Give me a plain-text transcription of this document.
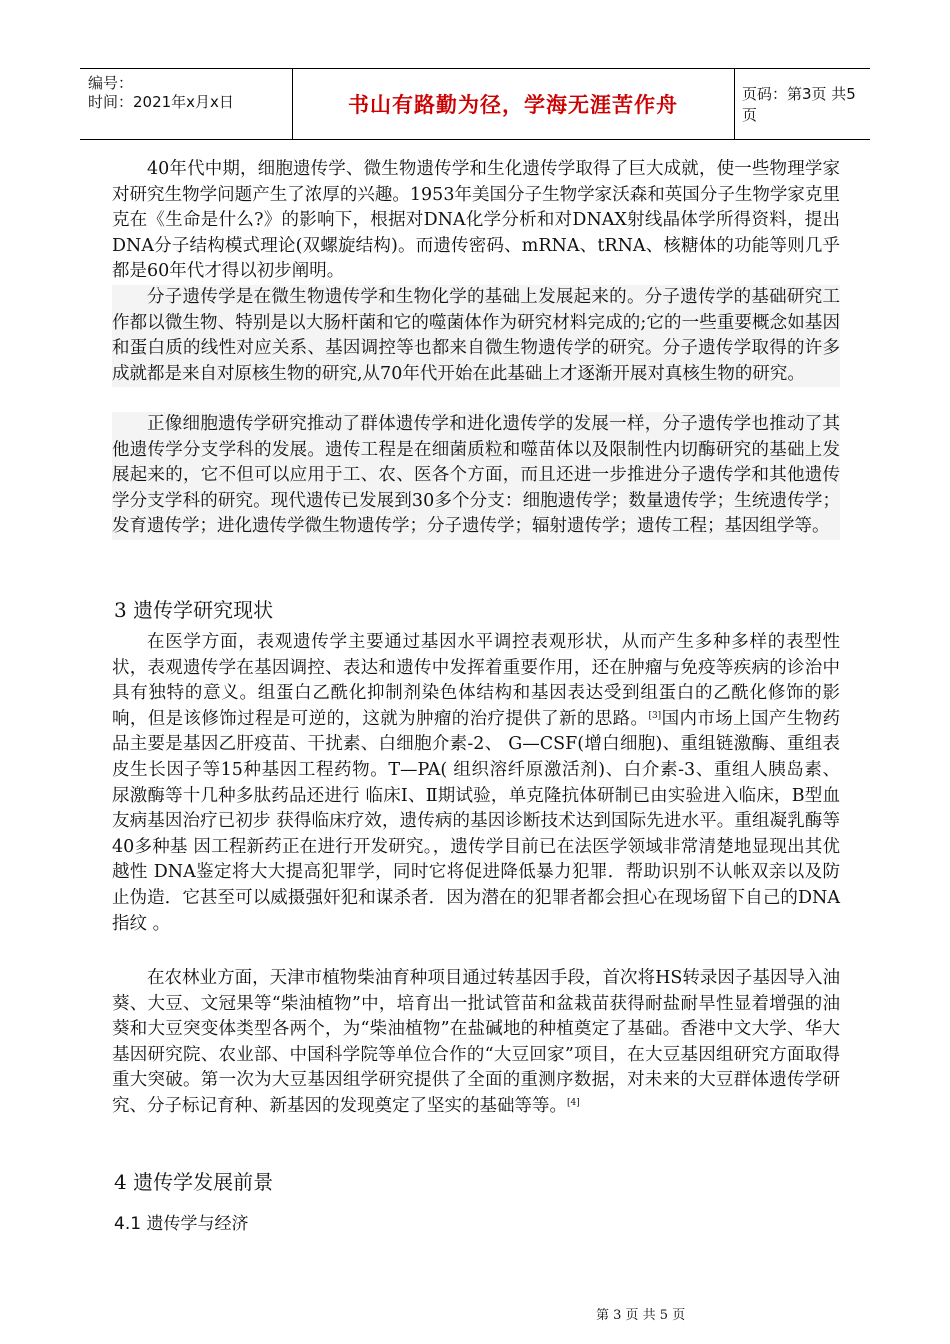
编号：
时间：2021年x月x日	书山有路勤为径，学海无涯苦作舟	页码：第3页 共5页

40年代中期，细胞遗传学、微生物遗传学和生化遗传学取得了巨大成就，使一些物理学家对研究生物学问题产生了浓厚的兴趣。1953年美国分子生物学家沃森和英国分子生物学家克里克在《生命是什么?》的影响下，根据对DNA化学分析和对DNAX射线晶体学所得资料，提出DNA分子结构模式理论(双螺旋结构)。而遗传密码、mRNA、tRNA、核糖体的功能等则几乎都是60年代才得以初步阐明。

分子遗传学是在微生物遗传学和生物化学的基础上发展起来的。分子遗传学的基础研究工作都以微生物、特别是以大肠杆菌和它的噬菌体作为研究材料完成的;它的一些重要概念如基因和蛋白质的线性对应关系、基因调控等也都来自微生物遗传学的研究。分子遗传学取得的许多成就都是来自对原核生物的研究,从70年代开始在此基础上才逐渐开展对真核生物的研究。

正像细胞遗传学研究推动了群体遗传学和进化遗传学的发展一样，分子遗传学也推动了其他遗传学分支学科的发展。遗传工程是在细菌质粒和噬苗体以及限制性内切酶研究的基础上发展起来的，它不但可以应用于工、农、医各个方面，而且还进一步推进分子遗传学和其他遗传学分支学科的研究。现代遗传已发展到30多个分支：细胞遗传学；数量遗传学；生统遗传学；发育遗传学；进化遗传学微生物遗传学；分子遗传学；辐射遗传学；遗传工程；基因组学等。

3 遗传学研究现状

在医学方面，表观遗传学主要通过基因水平调控表观形状，从而产生多种多样的表型性状，表观遗传学在基因调控、表达和遗传中发挥着重要作用，还在肿瘤与免疫等疾病的诊治中具有独特的意义。组蛋白乙酰化抑制剂染色体结构和基因表达受到组蛋白的乙酰化修饰的影响，但是该修饰过程是可逆的，这就为肿瘤的治疗提供了新的思路。[3]国内市场上国产生物药品主要是基因乙肝疫苗、干扰素、白细胞介素-2、 G—CSF(增白细胞)、重组链激酶、重组表皮生长因子等15种基因工程药物。T—PA( 组织溶纤原激活剂)、白介素-3、重组人胰岛素、 尿激酶等十几种多肽药品还进行 临床Ⅰ、Ⅱ期试验，单克隆抗体研制已由实验进入临床，B型血友病基因治疗已初步 获得临床疗效，遗传病的基因诊断技术达到国际先进水平。重组凝乳酶等40多种基 因工程新药正在进行开发研究。，遗传学目前已在法医学领域非常清楚地显现出其优越性 DNA鉴定将大大提高犯罪学，同时它将促进降低暴力犯罪．帮助识别不认帐双亲以及防止伪造．它甚至可以威摄强奸犯和谋杀者．因为潜在的犯罪者都会担心在现场留下自己的DNA指纹 。

在农林业方面，天津市植物柴油育种项目通过转基因手段，首次将HS转录因子基因导入油葵、大豆、文冠果等“柴油植物”中，培育出一批试管苗和盆栽苗获得耐盐耐旱性显着增强的油葵和大豆突变体类型各两个，为“柴油植物”在盐碱地的种植奠定了基础。香港中文大学、华大基因研究院、农业部、中国科学院等单位合作的“大豆回家”项目，在大豆基因组研究方面取得重大突破。第一次为大豆基因组学研究提供了全面的重测序数据，对未来的大豆群体遗传学研究、分子标记育种、新基因的发现奠定了坚实的基础等等。[4]

4 遗传学发展前景
4.1 遗传学与经济
第 3 页 共 5 页
